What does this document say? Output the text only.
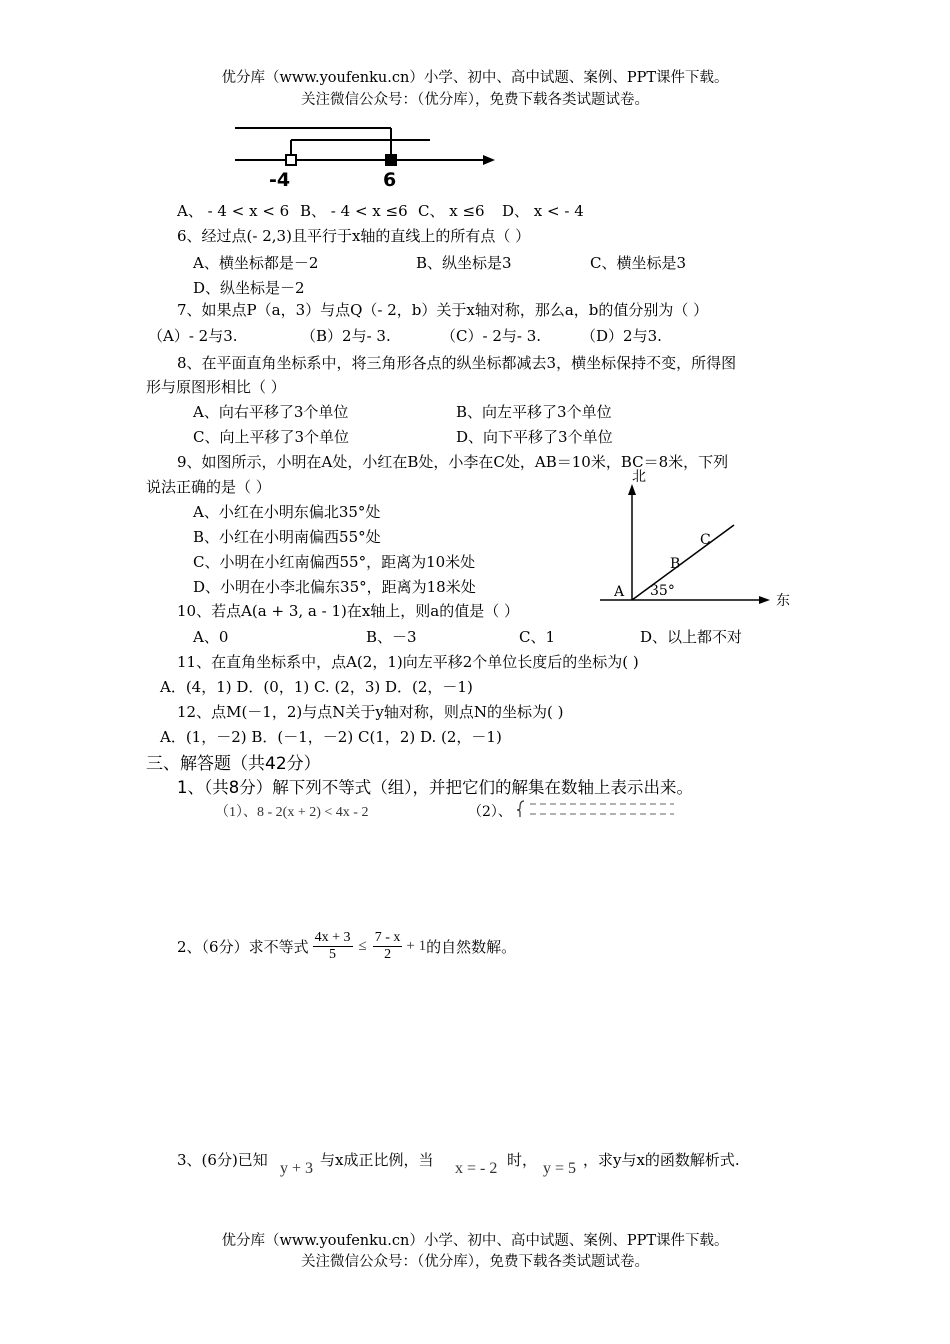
优分库（www.youfenku.cn）小学、初中、高中试题、案例、PPT课件下载。
关注微信公众号：（优分库），免费下载各类试题试卷。
-4	6
A、 - 4 < x < 6 B、 - 4 < x ≤6 C、 x ≤6 D、 x < - 4
6、经过点(- 2,3)且平行于x轴的直线上的所有点（ ）
A、横坐标都是－2	B、纵坐标是3	C、横坐标是3
D、纵坐标是－2
7、如果点P（a，3）与点Q（- 2，b）关于x轴对称，那么a，b的值分别为（ ）
（A）- 2与3.	（B）2与- 3.	（C）- 2与- 3.	（D）2与3.
8、在平面直角坐标系中，将三角形各点的纵坐标都减去3，横坐标保持不变，所得图
形与原图形相比（ ）
A、向右平移了3个单位	B、向左平移了3个单位
C、向上平移了3个单位	D、向下平移了3个单位
9、如图所示，小明在A处，小红在B处，小李在C处，AB＝10米，BC＝8米，下列
说法正确的是（ ）
A、小红在小明东偏北35°处
B、小红在小明南偏西55°处
C、小明在小红南偏西55°，距离为10米处
D、小明在小李北偏东35°，距离为18米处
北
东
A
B
C
35°
10、若点A(a + 3, a - 1)在x轴上，则a的值是（ ）
A、0	B、－3	C、1	D、以上都不对
11、在直角坐标系中，点A(2，1)向左平移2个单位长度后的坐标为( )
A．(4，1) D．(0，1) C. (2，3) D．(2，－1)
12、点M(－1，2)与点N关于y轴对称，则点N的坐标为( )
A．(1，－2) B．(－1，－2) C(1，2) D. (2，－1)
三、解答题（共42分）
1、（共8分）解下列不等式（组），并把它们的解集在数轴上表示出来。
（1）、8 - 2(x + 2) < 4x - 2	（2）、
2、（6分）求不等式 $\frac{4x + 3}{5} \le \frac{7 - x}{2} + 1$ 的自然数解。
3、(6分)已知 y + 3 与x成正比例，当 x = - 2 时， y = 5 ，求y与x的函数解析式.
优分库（www.youfenku.cn）小学、初中、高中试题、案例、PPT课件下载。
关注微信公众号：（优分库），免费下载各类试题试卷。
